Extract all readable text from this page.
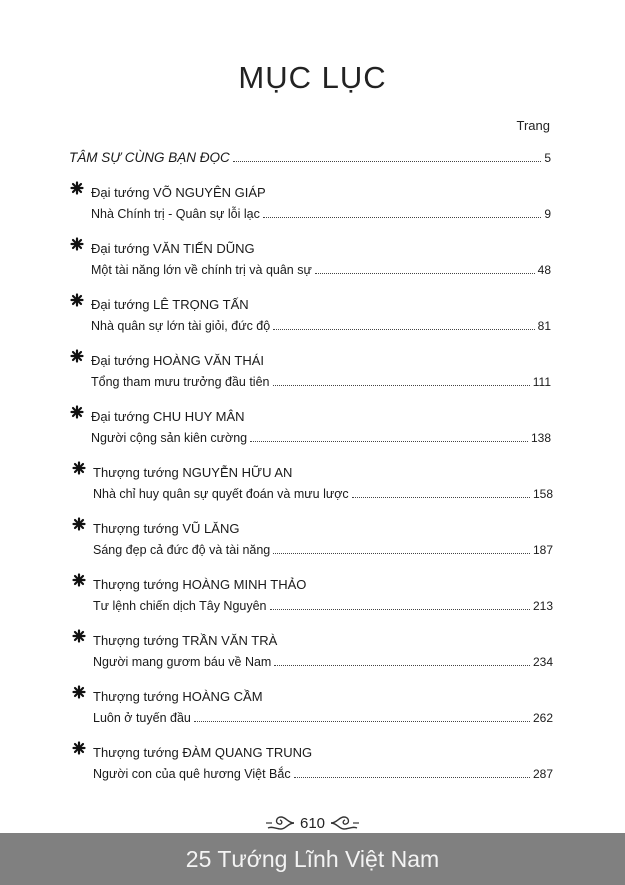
MỤC LỤC
Trang
TÂM SỰ CÙNG BẠN ĐỌC	5
Đại tướng VÕ NGUYÊN GIÁP
Nhà Chính trị - Quân sự lỗi lạc	9
Đại tướng VĂN TIẾN DŨNG
Một tài năng lớn về chính trị và quân sự	48
Đại tướng LÊ TRỌNG TẤN
Nhà quân sự lớn tài giỏi, đức độ	81
Đại tướng HOÀNG VĂN THÁI
Tổng tham mưu trưởng đầu tiên	111
Đại tướng CHU HUY MÂN
Người cộng sản kiên cường	138
Thượng tướng NGUYỄN HỮU AN
Nhà chỉ huy quân sự quyết đoán và mưu lược	158
Thượng tướng VŨ LĂNG
Sáng đẹp cả đức độ và tài năng	187
Thượng tướng HOÀNG MINH THẢO
Tư lệnh chiến dịch Tây Nguyên	213
Thượng tướng TRẦN VĂN TRÀ
Người mang gươm báu về Nam	234
Thượng tướng HOÀNG CẦM
Luôn ở tuyến đầu	262
Thượng tướng ĐÀM QUANG TRUNG
Người con của quê hương Việt Bắc	287
610
25 Tướng Lĩnh Việt Nam
